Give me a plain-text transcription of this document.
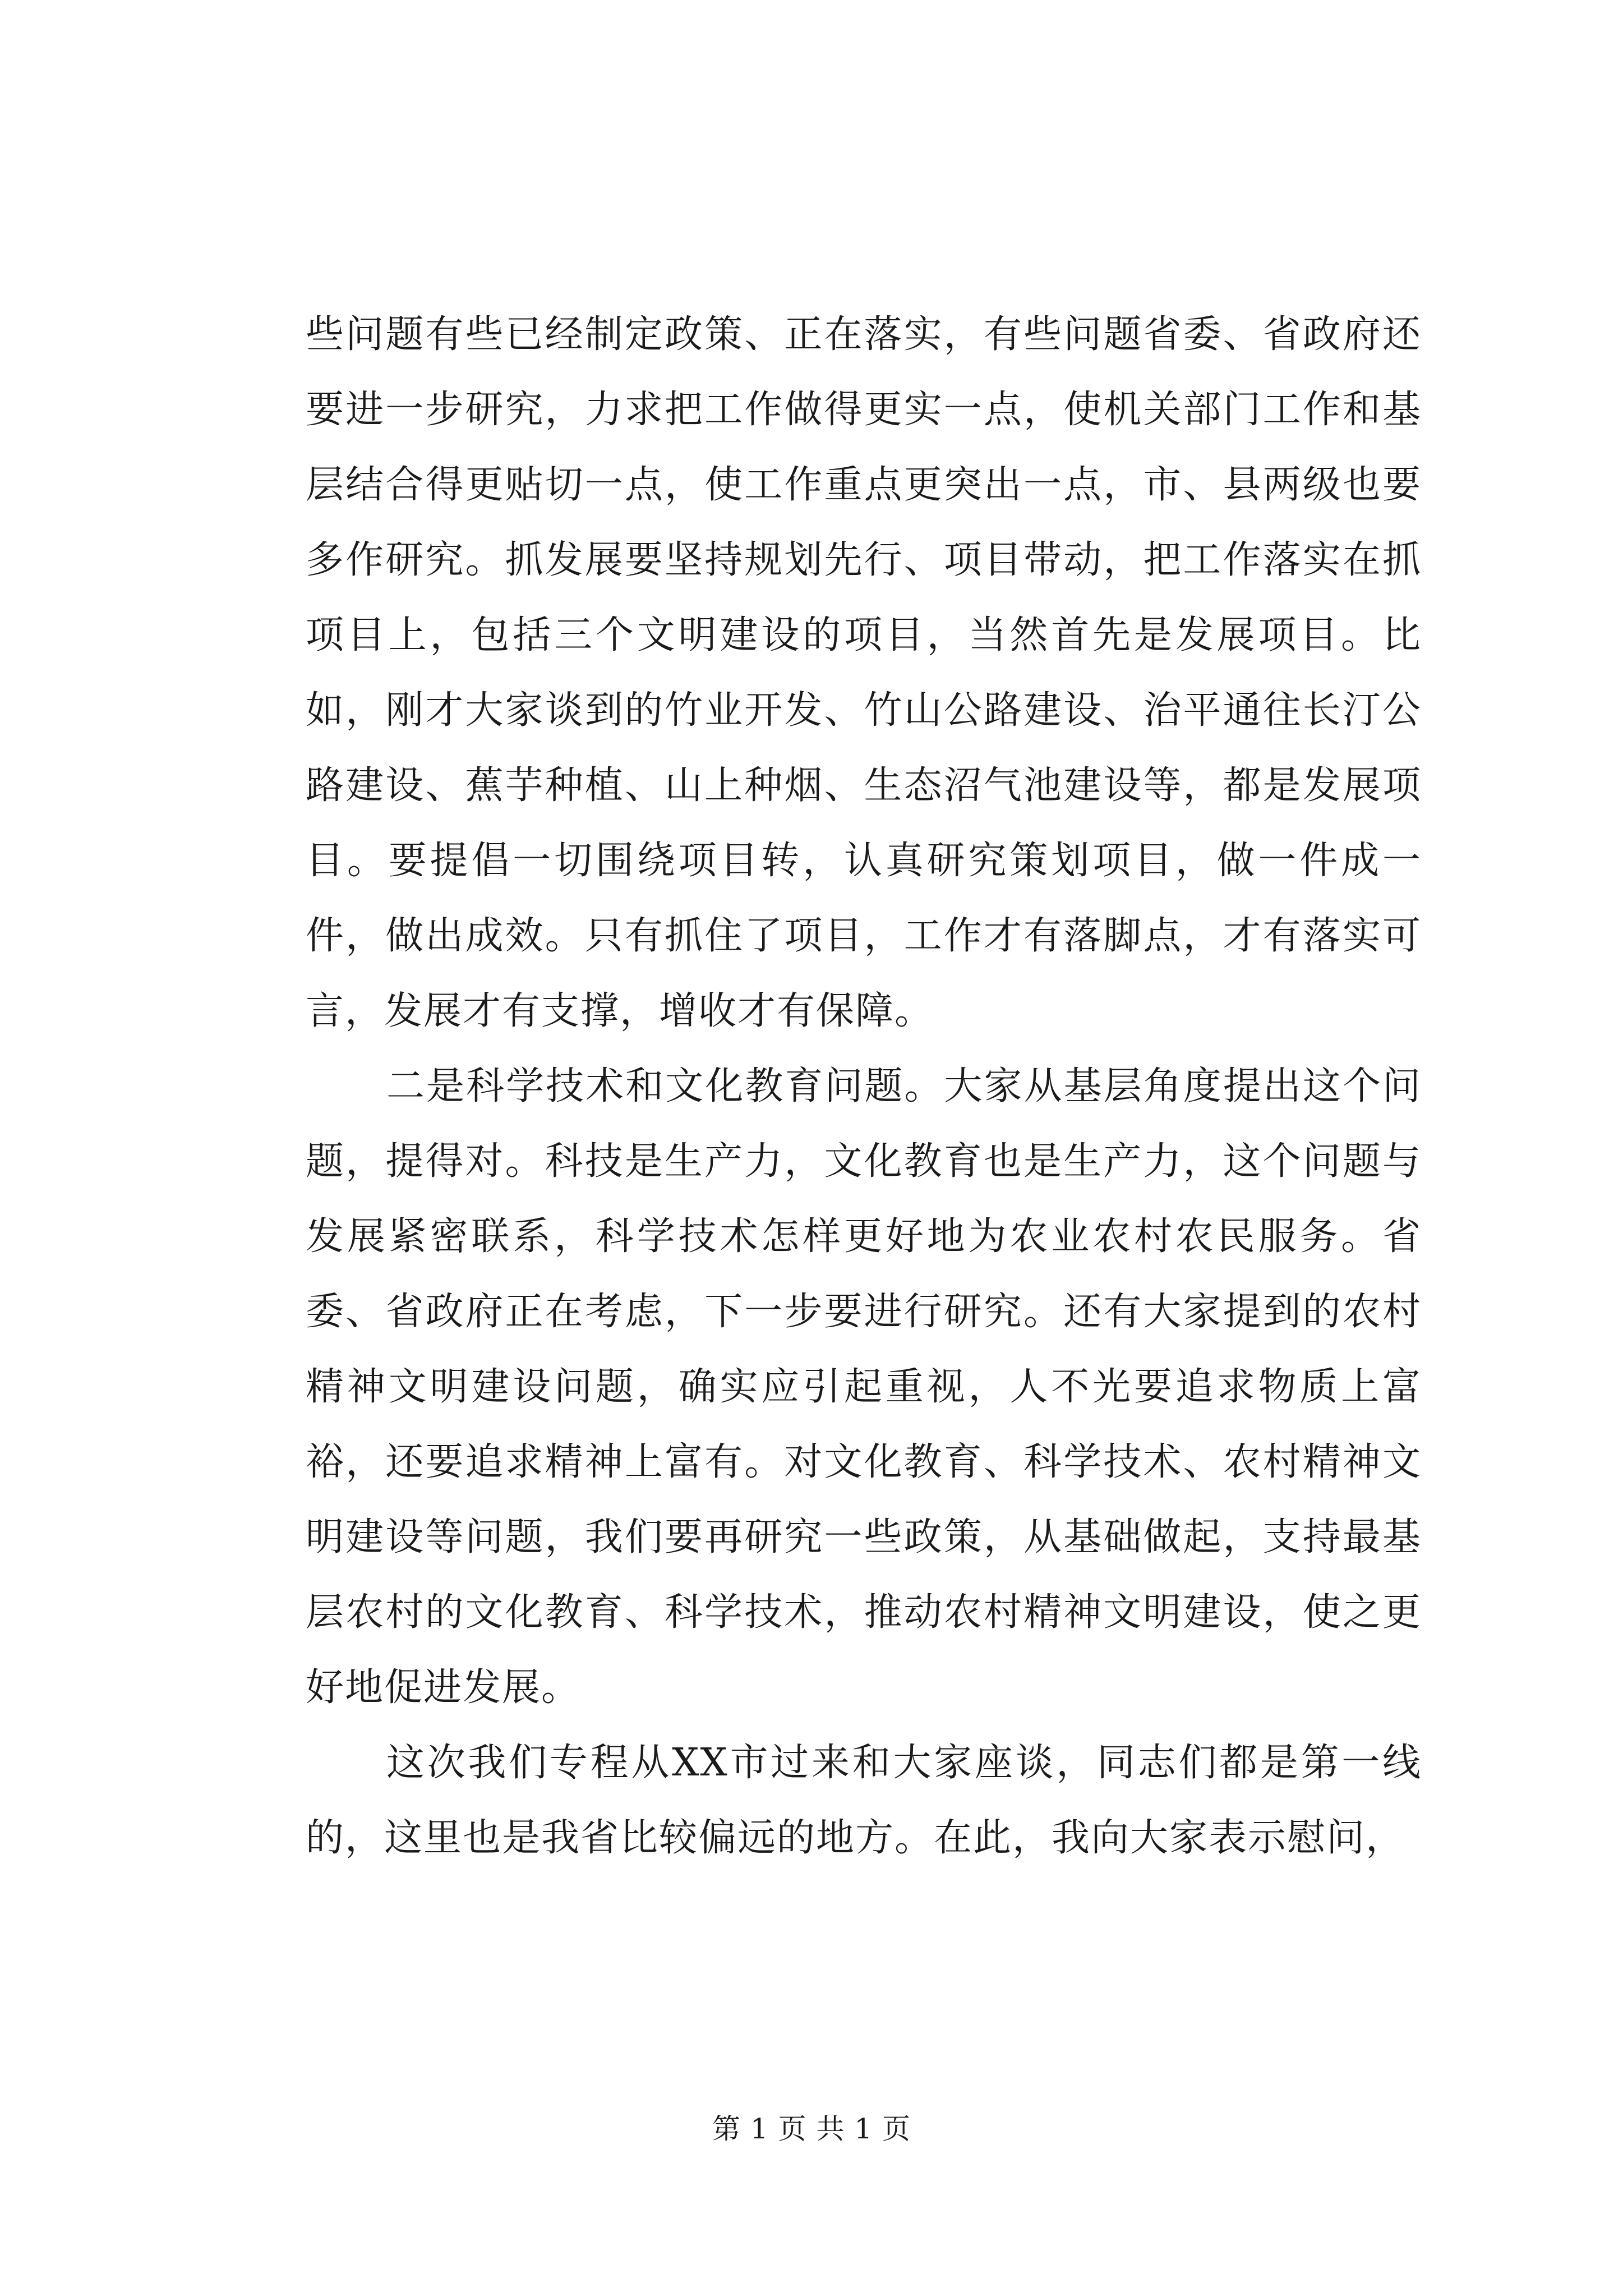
些问题有些已经制定政策、正在落实，有些问题省委、省政府还要进一步研究，力求把工作做得更实一点，使机关部门工作和基层结合得更贴切一点，使工作重点更突出一点，市、县两级也要多作研究。抓发展要坚持规划先行、项目带动，把工作落实在抓项目上，包括三个文明建设的项目，当然首先是发展项目。比如，刚才大家谈到的竹业开发、竹山公路建设、治平通往长汀公路建设、蕉芋种植、山上种烟、生态沼气池建设等，都是发展项目。要提倡一切围绕项目转，认真研究策划项目，做一件成一件，做出成效。只有抓住了项目，工作才有落脚点，才有落实可言，发展才有支撑，增收才有保障。

二是科学技术和文化教育问题。大家从基层角度提出这个问题，提得对。科技是生产力，文化教育也是生产力，这个问题与发展紧密联系，科学技术怎样更好地为农业农村农民服务。省委、省政府正在考虑，下一步要进行研究。还有大家提到的农村精神文明建设问题，确实应引起重视，人不光要追求物质上富裕，还要追求精神上富有。对文化教育、科学技术、农村精神文明建设等问题，我们要再研究一些政策，从基础做起，支持最基层农村的文化教育、科学技术，推动农村精神文明建设，使之更好地促进发展。

这次我们专程从XX市过来和大家座谈，同志们都是第一线的，这里也是我省比较偏远的地方。在此，我向大家表示慰问，

第 1 页 共 1 页
